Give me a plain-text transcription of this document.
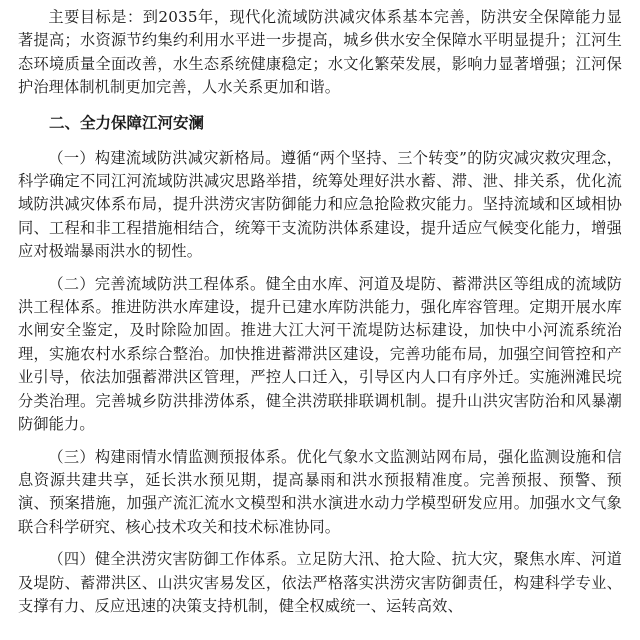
主要目标是：到2035年，现代化流域防洪减灾体系基本完善，防洪安全保障能力显著提高；水资源节约集约利用水平进一步提高，城乡供水安全保障水平明显提升；江河生态环境质量全面改善，水生态系统健康稳定；水文化繁荣发展，影响力显著增强；江河保护治理体制机制更加完善，人水关系更加和谐。

二、全力保障江河安澜

（一）构建流域防洪减灾新格局。遵循“两个坚持、三个转变”的防灾减灾救灾理念，科学确定不同江河流域防洪减灾思路举措，统筹处理好洪水蓄、滞、泄、排关系，优化流域防洪减灾体系布局，提升洪涝灾害防御能力和应急抢险救灾能力。坚持流域和区域相协同、工程和非工程措施相结合，统筹干支流防洪体系建设，提升适应气候变化能力，增强应对极端暴雨洪水的韧性。

（二）完善流域防洪工程体系。健全由水库、河道及堤防、蓄滞洪区等组成的流域防洪工程体系。推进防洪水库建设，提升已建水库防洪能力，强化库容管理。定期开展水库水闸安全鉴定，及时除险加固。推进大江大河干流堤防达标建设，加快中小河流系统治理，实施农村水系综合整治。加快推进蓄滞洪区建设，完善功能布局，加强空间管控和产业引导，依法加强蓄滞洪区管理，严控人口迁入，引导区内人口有序外迁。实施洲滩民垸分类治理。完善城乡防洪排涝体系，健全洪涝联排联调机制。提升山洪灾害防治和风暴潮防御能力。

（三）构建雨情水情监测预报体系。优化气象水文监测站网布局，强化监测设施和信息资源共建共享，延长洪水预见期，提高暴雨和洪水预报精准度。完善预报、预警、预演、预案措施，加强产流汇流水文模型和洪水演进水动力学模型研发应用。加强水文气象联合科学研究、核心技术攻关和技术标准协同。

（四）健全洪涝灾害防御工作体系。立足防大汛、抢大险、抗大灾，聚焦水库、河道及堤防、蓄滞洪区、山洪灾害易发区，依法严格落实洪涝灾害防御责任，构建科学专业、支撑有力、反应迅速的决策支持机制，健全权威统一、运转高效、
